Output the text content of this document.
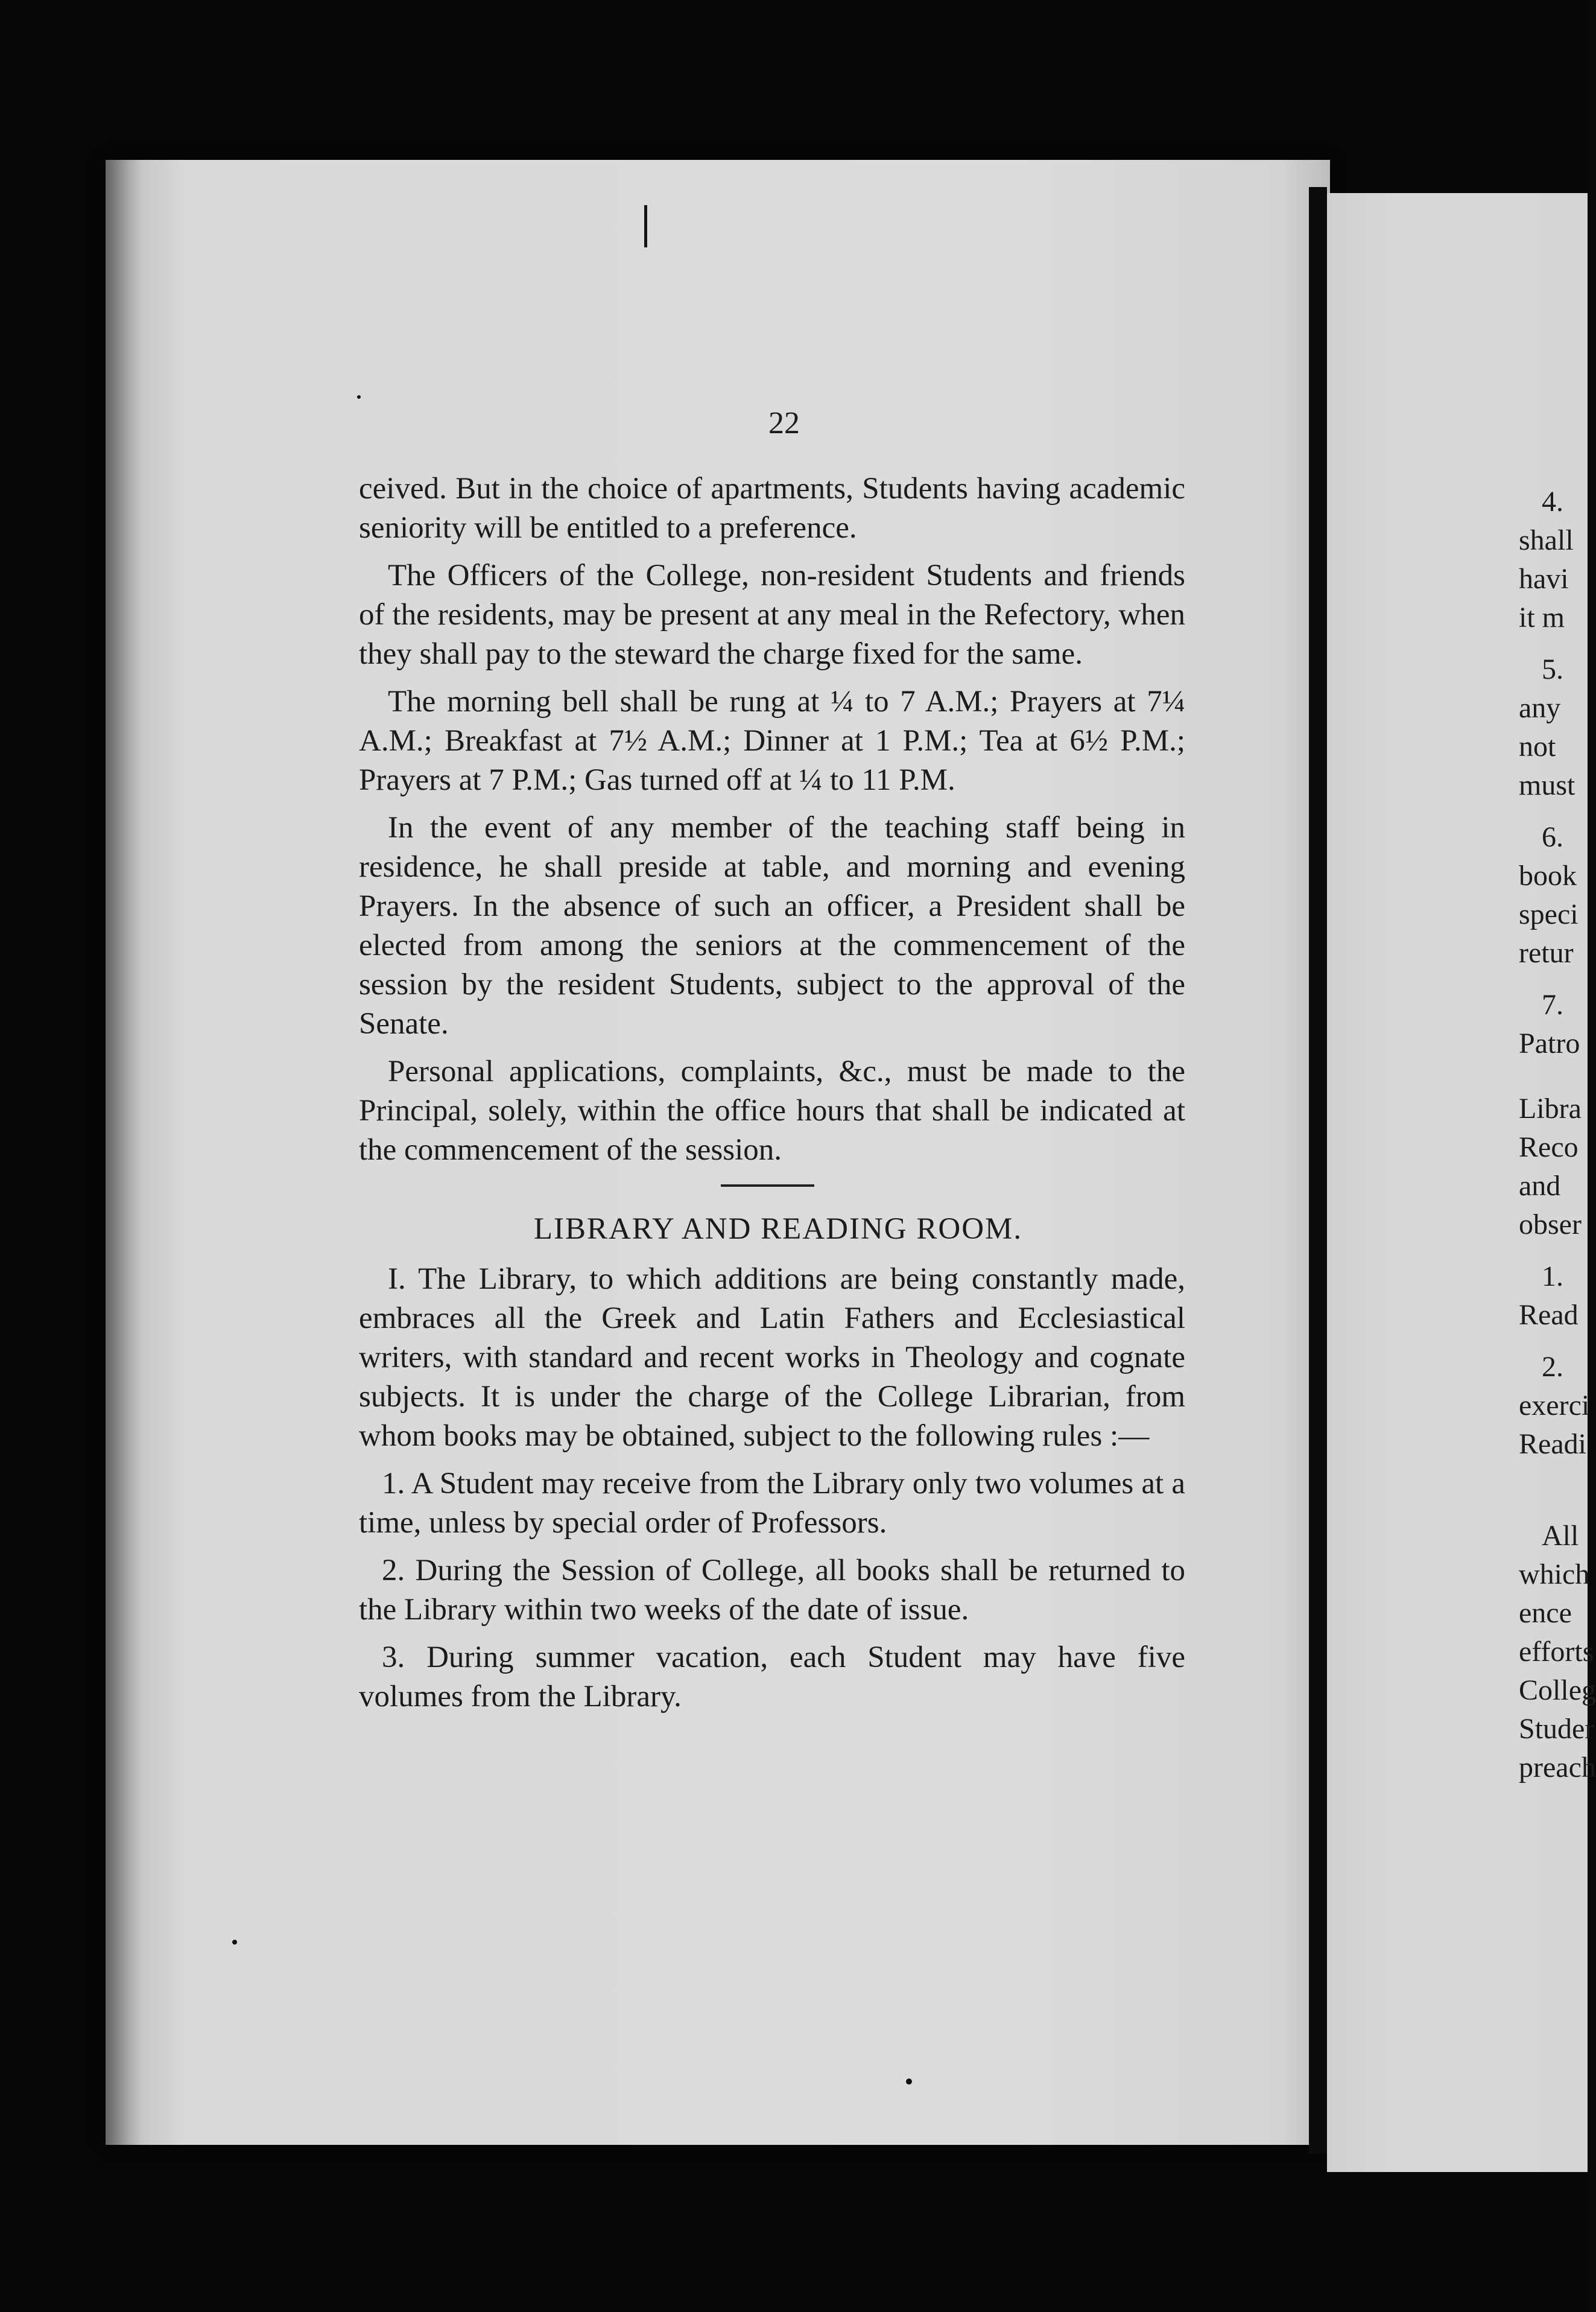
22

ceived. But in the choice of apartments, Students having academic seniority will be entitled to a preference.

The Officers of the College, non-resident Students and friends of the residents, may be present at any meal in the Refectory, when they shall pay to the steward the charge fixed for the same.

The morning bell shall be rung at ¼ to 7 A.M.; Prayers at 7¼ A.M.; Breakfast at 7½ A.M.; Dinner at 1 P.M.; Tea at 6½ P.M.; Prayers at 7 P.M.; Gas turned off at ¼ to 11 P.M.

In the event of any member of the teaching staff being in residence, he shall preside at table, and morning and evening Prayers. In the absence of such an officer, a President shall be elected from among the seniors at the commencement of the session by the resident Students, subject to the approval of the Senate.

Personal applications, complaints, &c., must be made to the Principal, solely, within the office hours that shall be indicated at the commencement of the session.

LIBRARY AND READING ROOM.

I. The Library, to which additions are being constantly made, embraces all the Greek and Latin Fathers and Ecclesiastical writers, with standard and recent works in Theology and cognate subjects. It is under the charge of the College Librarian, from whom books may be obtained, subject to the following rules :—

1. A Student may receive from the Library only two volumes at a time, unless by special order of Professors.

2. During the Session of College, all books shall be returned to the Library within two weeks of the date of issue.

3. During summer vacation, each Student may have five volumes from the Library.

4.
shall
havi
it m
5.
any
not
must
6.
book
speci
retur
7.
Patro
Libra
Reco
and
obser
1.
Read
2.
exerci
Readi
All
which
ence
efforts
Colleg
Studer
preach
